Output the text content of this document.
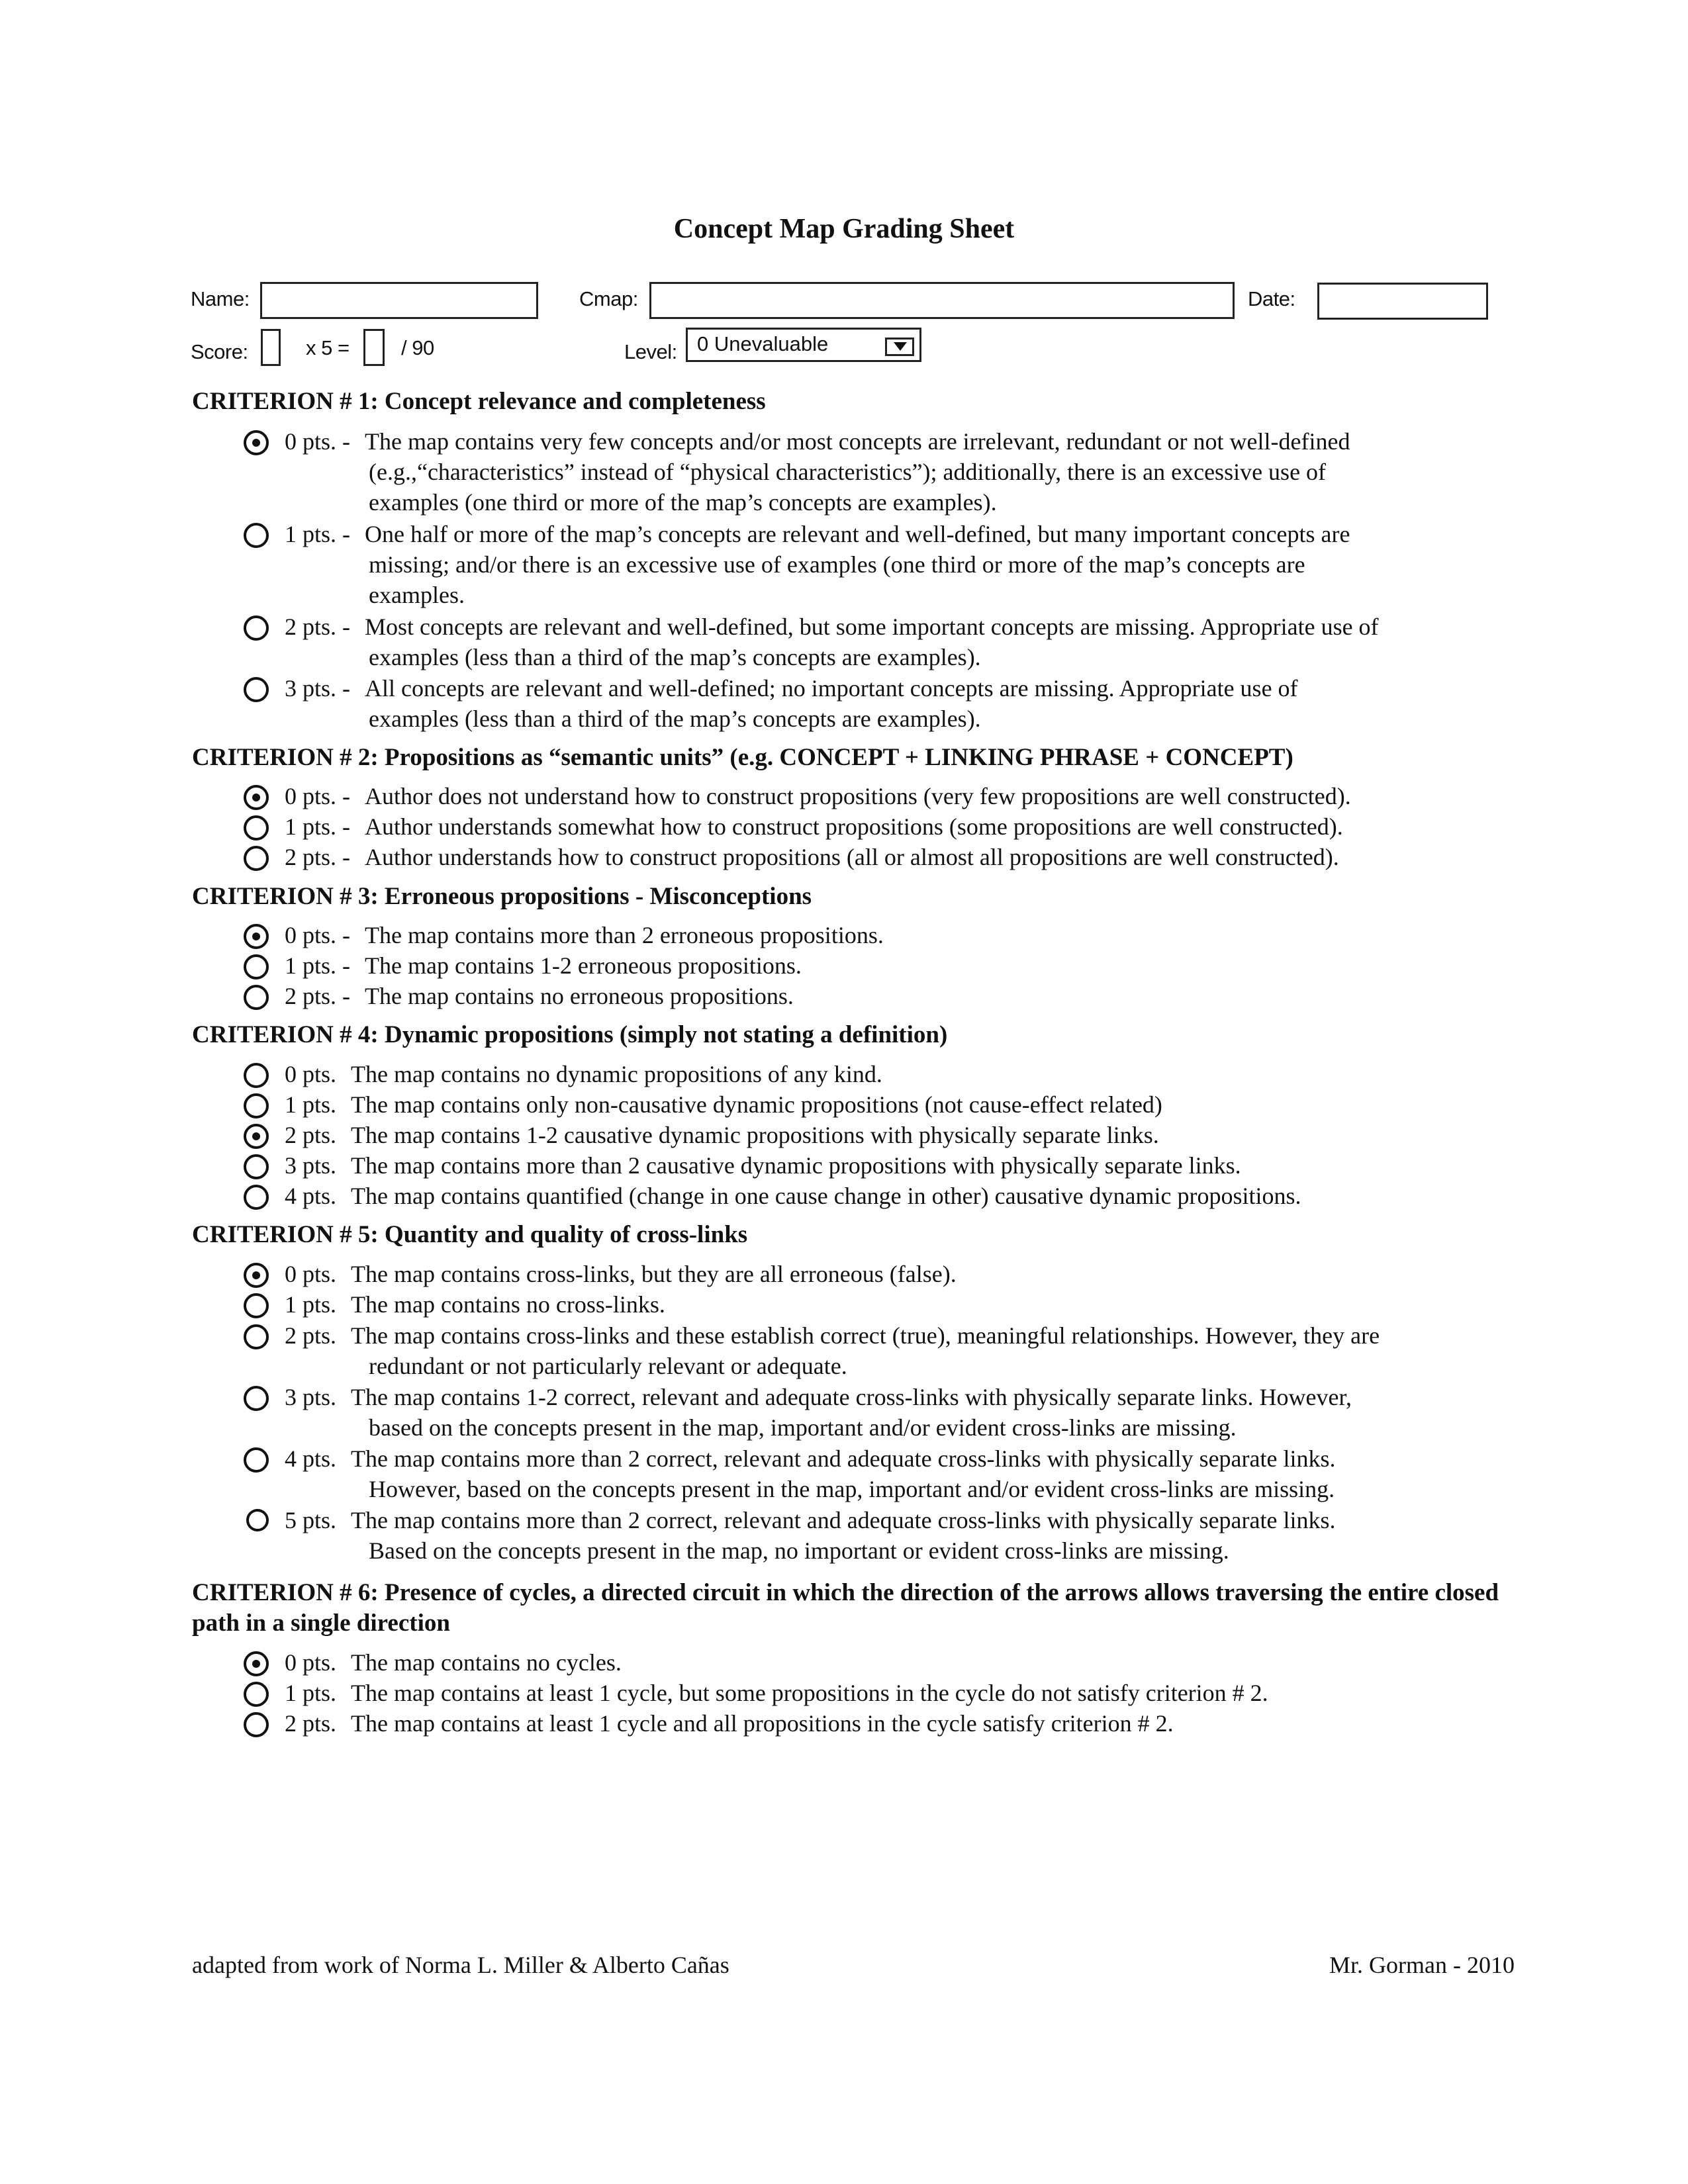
Concept Map Grading Sheet
Name:	Cmap:	Date:
Score:	x 5 =	/ 90	Level: 0 Unevaluable
CRITERION # 1: Concept relevance and completeness
0 pts. - The map contains very few concepts and/or most concepts are irrelevant, redundant or not well-defined
(e.g.,“characteristics” instead of “physical characteristics”); additionally, there is an excessive use of
examples (one third or more of the map’s concepts are examples).
1 pts. - One half or more of the map’s concepts are relevant and well-defined, but many important concepts are
missing; and/or there is an excessive use of examples (one third or more of the map’s concepts are
examples.
2 pts. - Most concepts are relevant and well-defined, but some important concepts are missing. Appropriate use of
examples (less than a third of the map’s concepts are examples).
3 pts. - All concepts are relevant and well-defined; no important concepts are missing. Appropriate use of
examples (less than a third of the map’s concepts are examples).
CRITERION # 2: Propositions as “semantic units” (e.g. CONCEPT + LINKING PHRASE + CONCEPT)
0 pts. - Author does not understand how to construct propositions (very few propositions are well constructed).
1 pts. - Author understands somewhat how to construct propositions (some propositions are well constructed).
2 pts. - Author understands how to construct propositions (all or almost all propositions are well constructed).
CRITERION # 3: Erroneous propositions - Misconceptions
0 pts. - The map contains more than 2 erroneous propositions.
1 pts. - The map contains 1-2 erroneous propositions.
2 pts. - The map contains no erroneous propositions.
CRITERION # 4: Dynamic propositions (simply not stating a definition)
0 pts. The map contains no dynamic propositions of any kind.
1 pts. The map contains only non-causative dynamic propositions (not cause-effect related)
2 pts. The map contains 1-2 causative dynamic propositions with physically separate links.
3 pts. The map contains more than 2 causative dynamic propositions with physically separate links.
4 pts. The map contains quantified (change in one cause change in other) causative dynamic propositions.
CRITERION # 5: Quantity and quality of cross-links
0 pts. The map contains cross-links, but they are all erroneous (false).
1 pts. The map contains no cross-links.
2 pts. The map contains cross-links and these establish correct (true), meaningful relationships. However, they are
redundant or not particularly relevant or adequate.
3 pts. The map contains 1-2 correct, relevant and adequate cross-links with physically separate links. However,
based on the concepts present in the map, important and/or evident cross-links are missing.
4 pts. The map contains more than 2 correct, relevant and adequate cross-links with physically separate links.
However, based on the concepts present in the map, important and/or evident cross-links are missing.
5 pts. The map contains more than 2 correct, relevant and adequate cross-links with physically separate links.
Based on the concepts present in the map, no important or evident cross-links are missing.
CRITERION # 6: Presence of cycles, a directed circuit in which the direction of the arrows allows traversing the entire closed path in a single direction
0 pts. The map contains no cycles.
1 pts. The map contains at least 1 cycle, but some propositions in the cycle do not satisfy criterion # 2.
2 pts. The map contains at least 1 cycle and all propositions in the cycle satisfy criterion # 2.
adapted from work of Norma L. Miller & Alberto Cañas	Mr. Gorman - 2010
